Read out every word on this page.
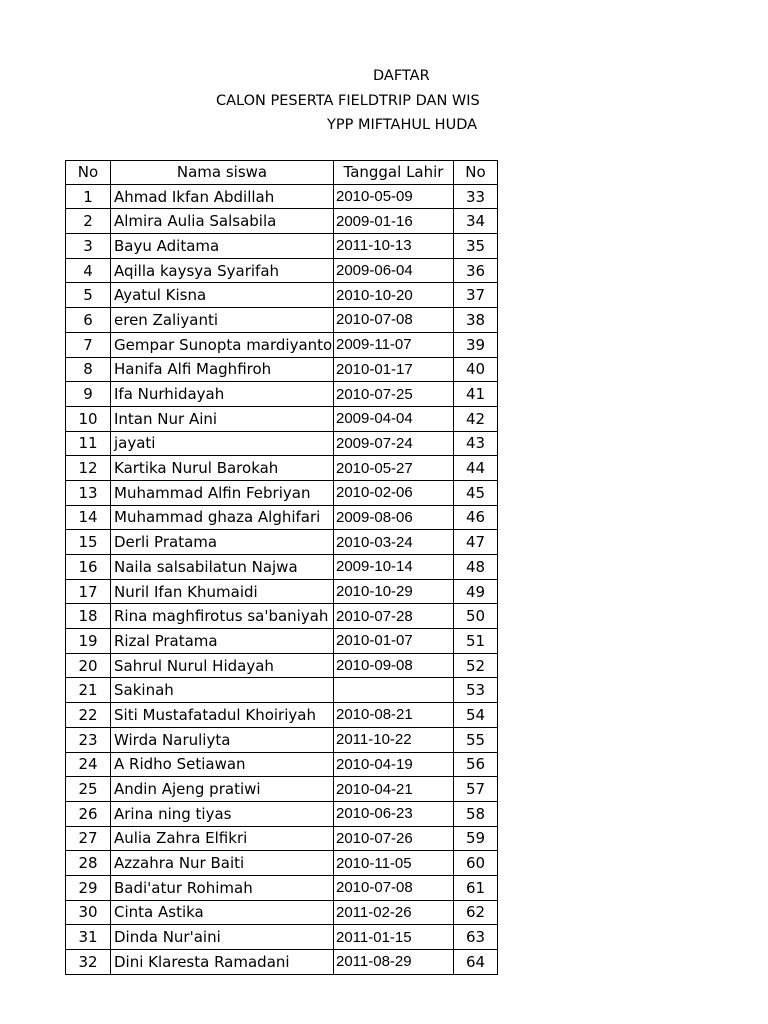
DAFTAR
CALON PESERTA FIELDTRIP DAN WIS
YPP MIFTAHUL HUDA
No	Nama siswa	Tanggal Lahir	No
1	Ahmad Ikfan Abdillah	2010-05-09	33
2	Almira Aulia Salsabila	2009-01-16	34
3	Bayu Aditama	2011-10-13	35
4	Aqilla kaysya Syarifah	2009-06-04	36
5	Ayatul Kisna	2010-10-20	37
6	eren Zaliyanti	2010-07-08	38
7	Gempar Sunopta mardiyanto	2009-11-07	39
8	Hanifa Alfi Maghfiroh	2010-01-17	40
9	Ifa Nurhidayah	2010-07-25	41
10	Intan Nur Aini	2009-04-04	42
11	jayati	2009-07-24	43
12	Kartika Nurul Barokah	2010-05-27	44
13	Muhammad Alfin Febriyan	2010-02-06	45
14	Muhammad ghaza Alghifari	2009-08-06	46
15	Derli Pratama	2010-03-24	47
16	Naila salsabilatun Najwa	2009-10-14	48
17	Nuril Ifan Khumaidi	2010-10-29	49
18	Rina maghfirotus sa'baniyah	2010-07-28	50
19	Rizal Pratama	2010-01-07	51
20	Sahrul Nurul Hidayah	2010-09-08	52
21	Sakinah		53
22	Siti Mustafatadul Khoiriyah	2010-08-21	54
23	Wirda Naruliyta	2011-10-22	55
24	A Ridho Setiawan	2010-04-19	56
25	Andin Ajeng pratiwi	2010-04-21	57
26	Arina ning tiyas	2010-06-23	58
27	Aulia Zahra Elfikri	2010-07-26	59
28	Azzahra Nur Baiti	2010-11-05	60
29	Badi'atur Rohimah	2010-07-08	61
30	Cinta Astika	2011-02-26	62
31	Dinda Nur'aini	2011-01-15	63
32	Dini Klaresta Ramadani	2011-08-29	64
